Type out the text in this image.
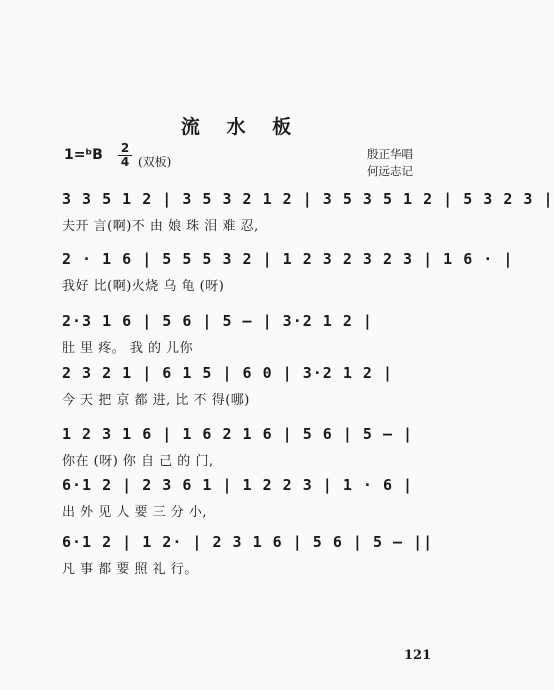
流 水 板
1=ᵇB 2
4 (双板)
殷正华唱
何远志记
3 3 5 1 2 | 3 5 3 2 1 2 | 3 5 3 5 1 2 | 5 3 2 3 |
夫开 言(啊)不 由 娘 珠 泪 难 忍,
2 · 1 6 | 5 5 5 3 2 | 1 2 3 2 3 2 3 | 1 6 · |
我好 比(啊)火烧 乌 龟 (呀)
2·3 1 6 | 5 6 | 5 — | 3·2 1 2 |
肚 里 疼。 我 的 儿你
2 3 2 1 | 6 1 5 | 6 0 | 3·2 1 2 |
今 天 把 京 都 进, 比 不 得(哪)
1 2 3 1 6 | 1 6 2 1 6 | 5 6 | 5 — |
你在 (呀) 你 自 己 的 门,
6·1 2 | 2 3 6 1 | 1 2 2 3 | 1 · 6 |
出 外 见 人 要 三 分 小,
6·1 2 | 1 2· | 2 3 1 6 | 5 6 | 5 — ||
凡 事 都 要 照 礼 行。
121
